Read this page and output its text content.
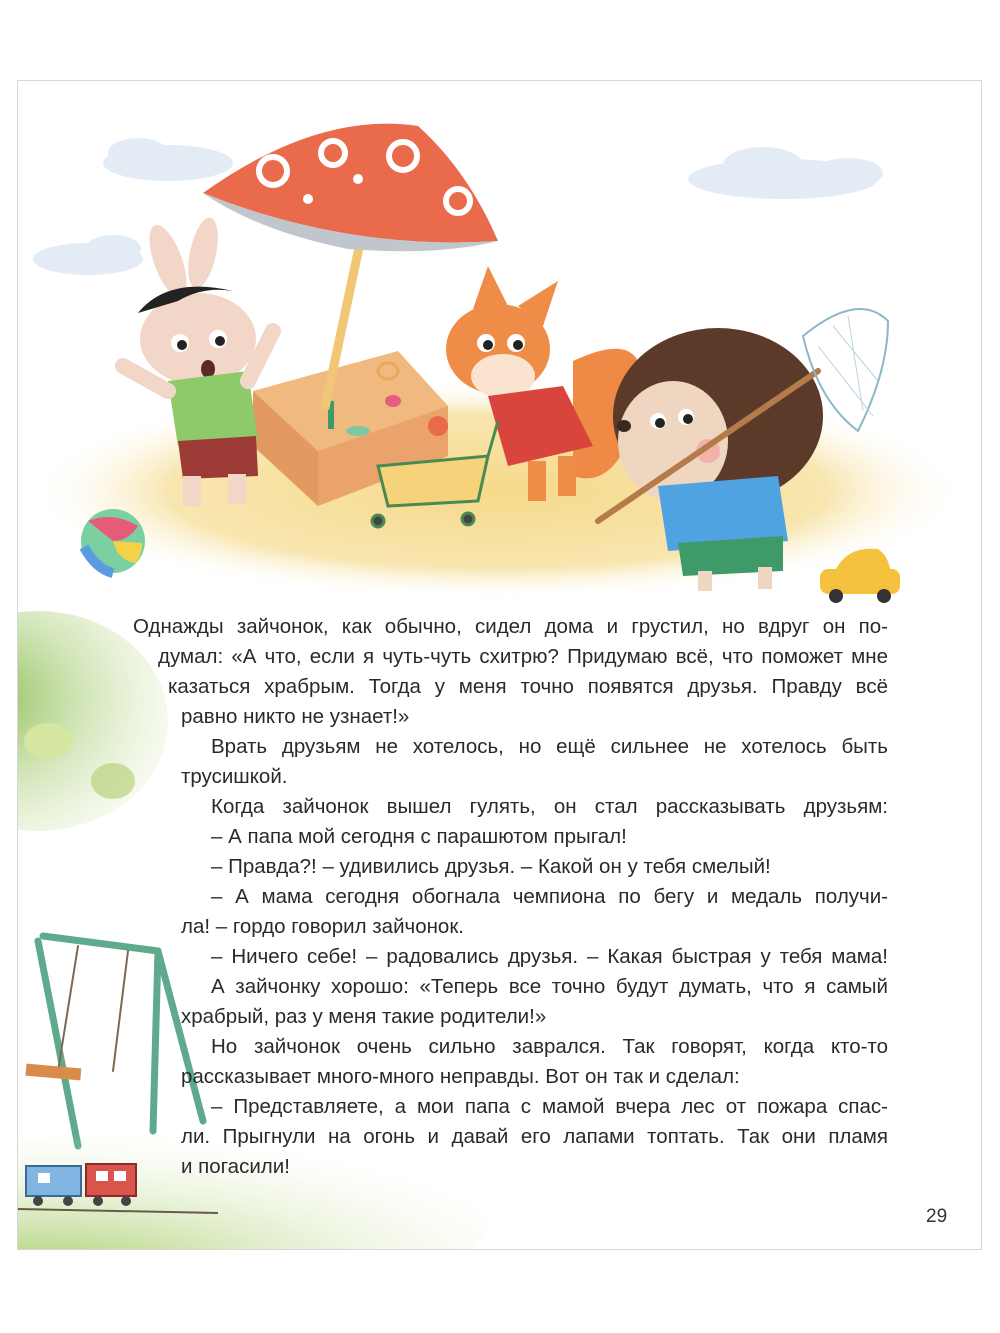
Однажды зайчонок, как обычно, сидел дома и грустил, но вдруг он по-
думал: «А что, если я чуть-чуть схитрю? Придумаю всё, что поможет мне
казаться храбрым. Тогда у меня точно появятся друзья. Правду всё
равно никто не узнает!»
Врать друзьям не хотелось, но ещё сильнее не хотелось быть
трусишкой.
Когда зайчонок вышел гулять, он стал рассказывать друзьям:
– А папа мой сегодня с парашютом прыгал!
– Правда?! – удивились друзья. – Какой он у тебя смелый!
– А мама сегодня обогнала чемпиона по бегу и медаль получи-
ла! – гордо говорил зайчонок.
– Ничего себе! – радовались друзья. – Какая быстрая у тебя мама!
А зайчонку хорошо: «Теперь все точно будут думать, что я самый
храбрый, раз у меня такие родители!»
Но зайчонок очень сильно заврался. Так говорят, когда кто-то
рассказывает много-много неправды. Вот он так и сделал:
– Представляете, а мои папа с мамой вчера лес от пожара спас-
ли. Прыгнули на огонь и давай его лапами топтать. Так они пламя
и погасили!
29
